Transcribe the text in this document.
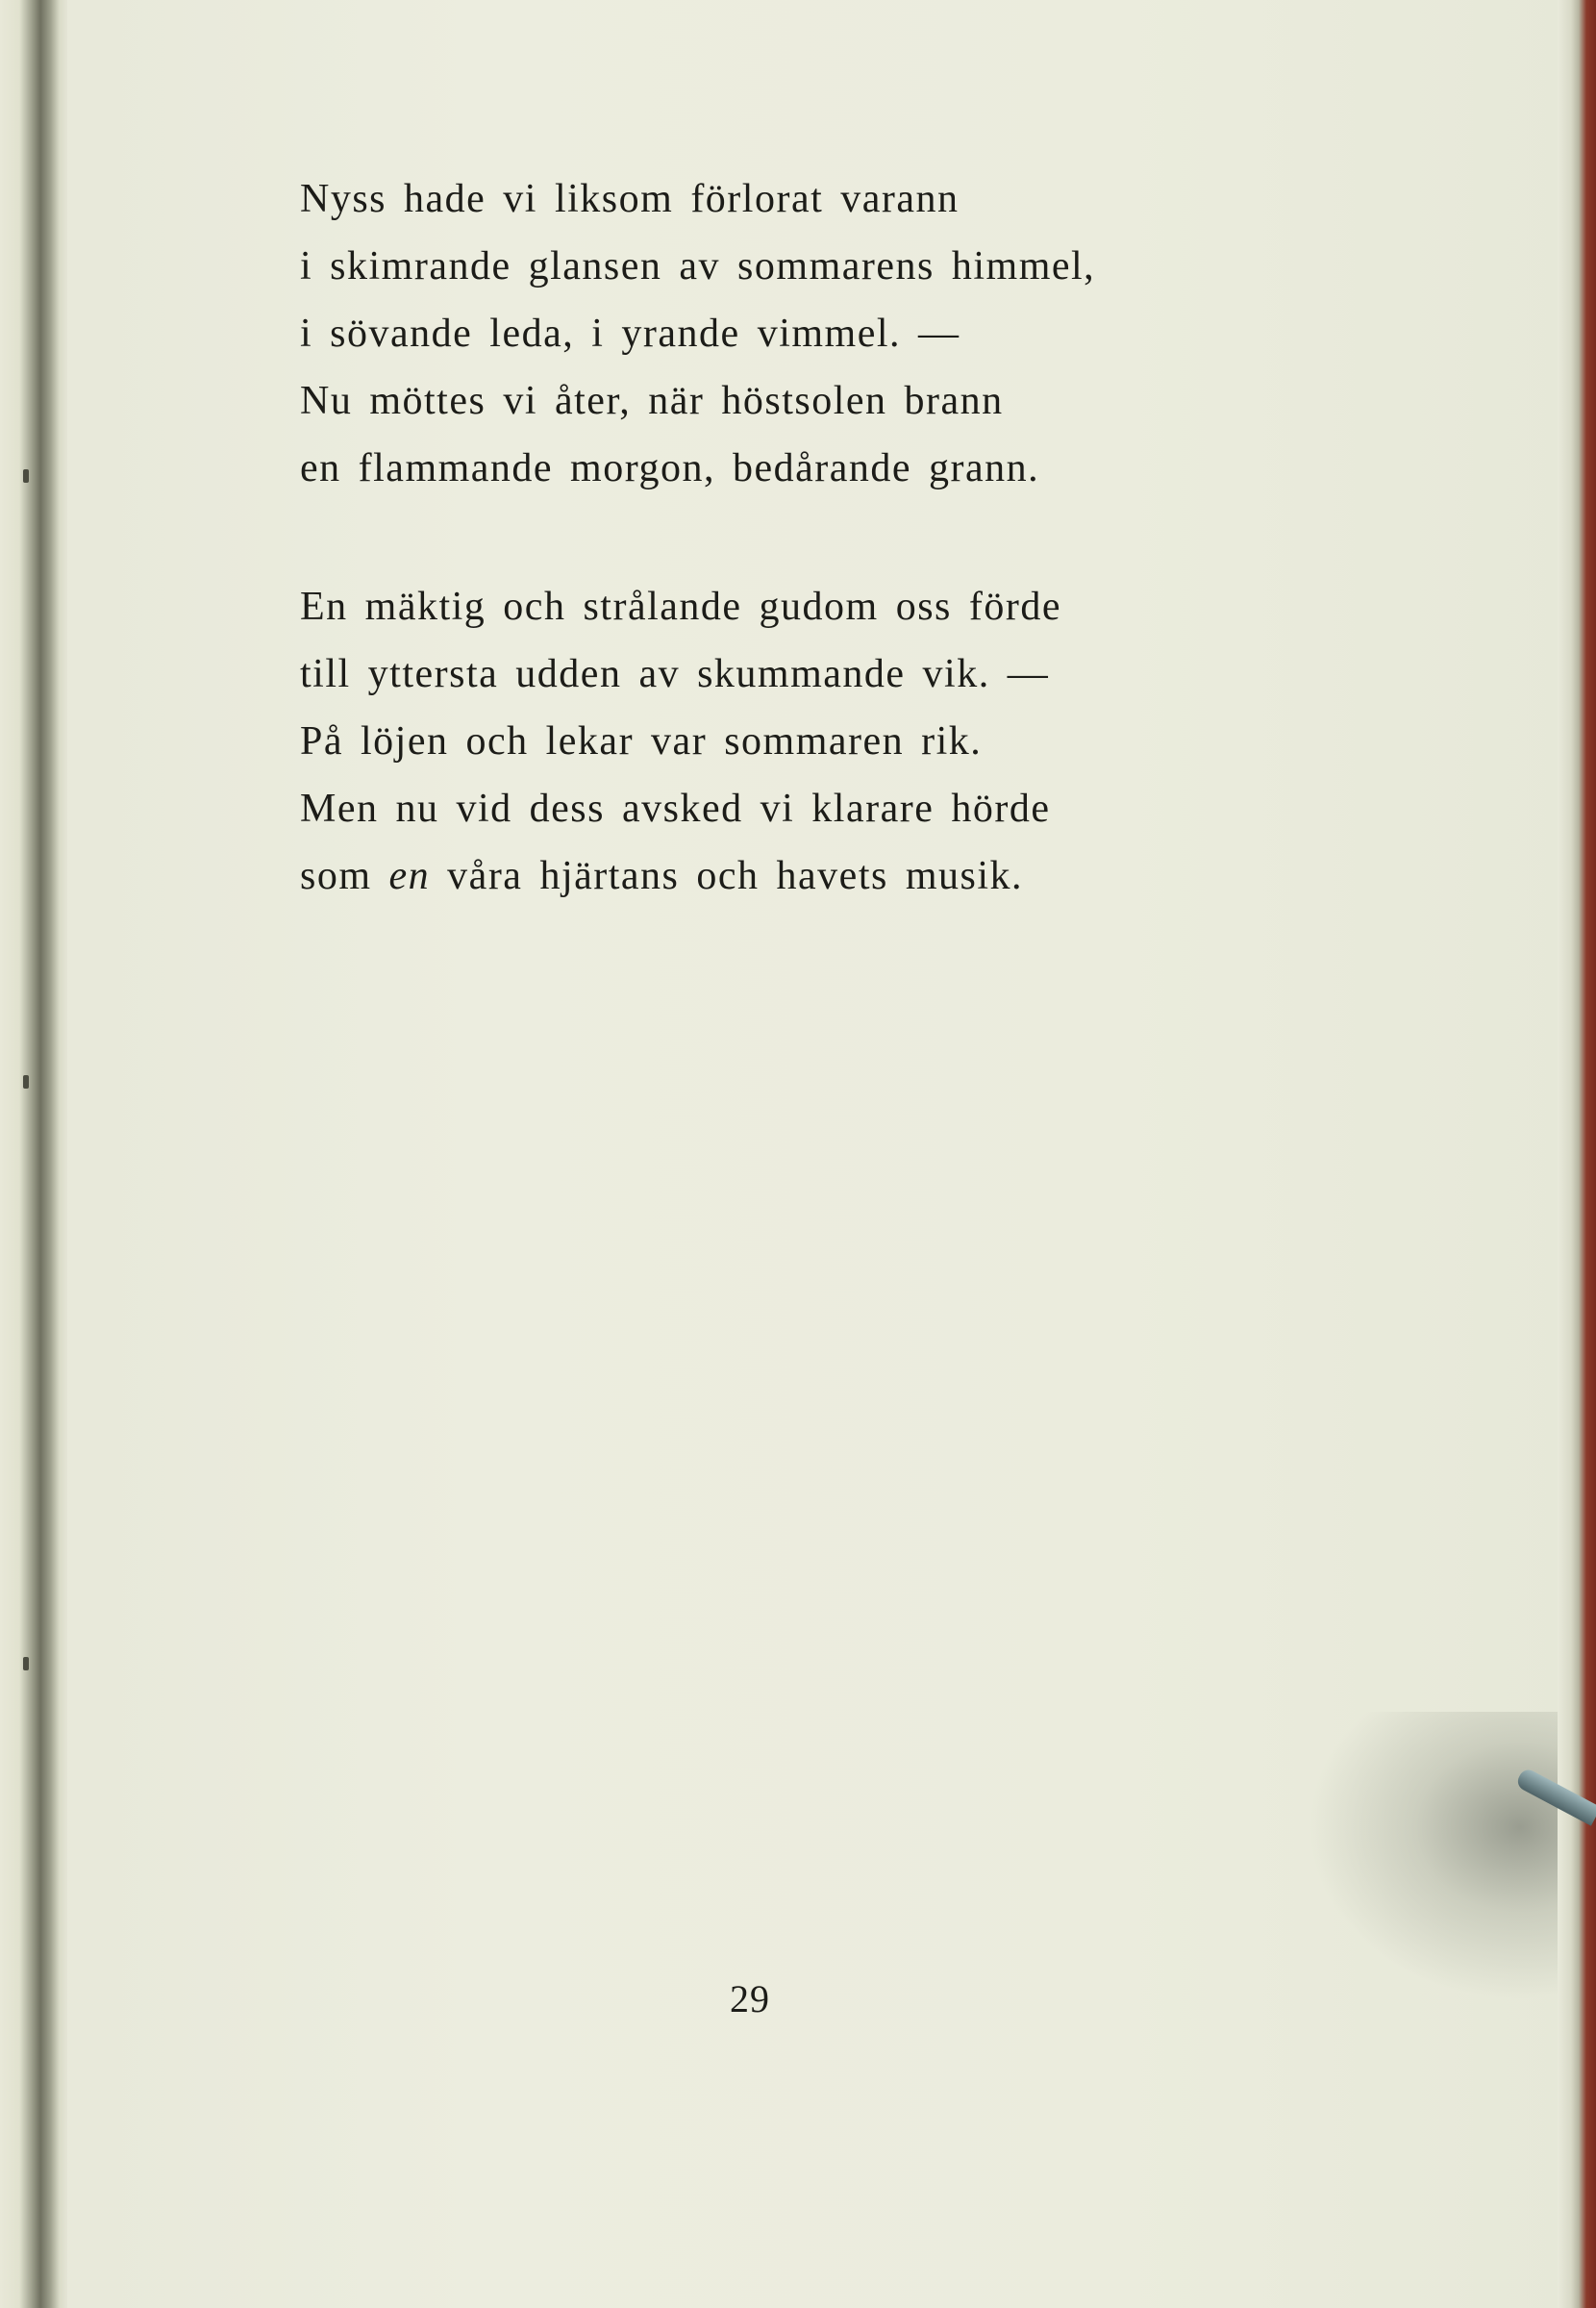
Nyss hade vi liksom förlorat varann
i skimrande glansen av sommarens himmel,
i sövande leda, i yrande vimmel. —
Nu möttes vi åter, när höstsolen brann
en flammande morgon, bedårande grann.

En mäktig och strålande gudom oss förde
till yttersta udden av skummande vik. —
På löjen och lekar var sommaren rik.
Men nu vid dess avsked vi klarare hörde
som en våra hjärtans och havets musik.

29
